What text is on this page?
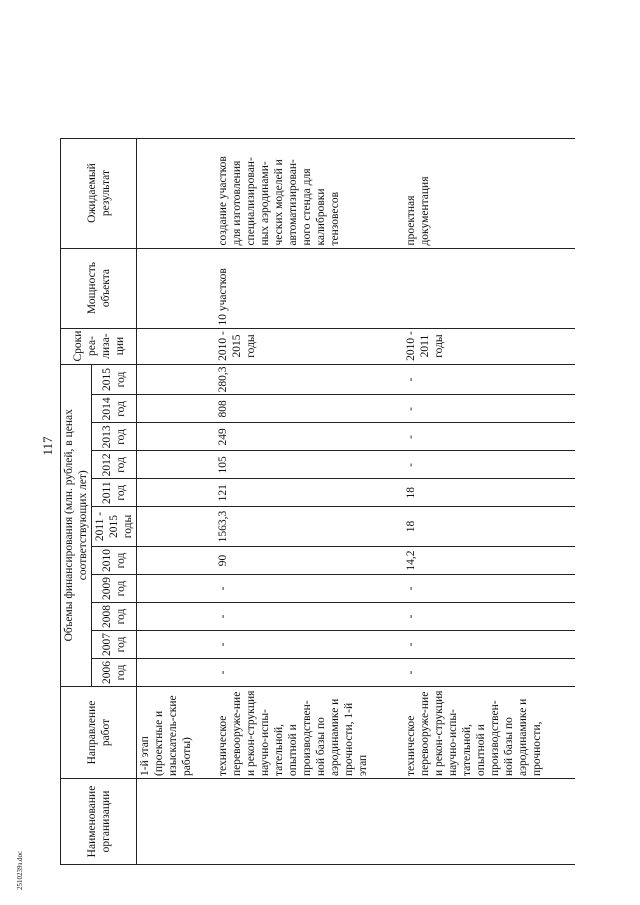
117
2510239з.doc
Наименование организации	Направление работ	Объемы финансирования (млн. рублей, в ценах соответствующих лет)											Сроки реа-лиза-ции	Мощность объекта	Ожидаемый результат
		2006 год	2007 год	2008 год	2009 год	2010 год	2011 - 2015 годы	2011 год	2012 год	2013 год	2014 год	2015 год			
	1-й этап (проектные и изыскатель-ские работы)														
	техническое перевооруже-ние и рекон-струкция научно-испы-тательной, опытной и производствен-ной базы по аэродинамике и прочности, 1-й этап	-	-	-	-	90	1563,3	121	105	249	808	280,3	2010 - 2015 годы	10 участков	создание участков для изготовления специализирован-ных аэродинами-ческих моделей и автоматизирован-ного стенда для калибровки тензовесов
	техническое перевооруже-ние и рекон-струкция научно-испы-тательной, опытной и производствен-ной базы по аэродинамике и прочности,	-	-	-	-	14,2	18	18	-	-	-	-	2010 - 2011 годы		проектная документация
